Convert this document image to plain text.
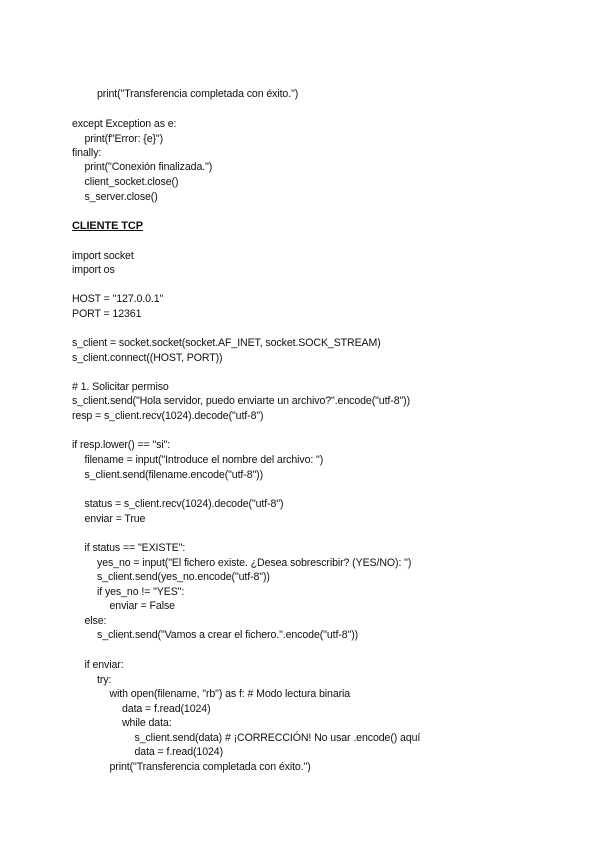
print("Transferencia completada con éxito.")
except Exception as e:
print(f"Error: {e}")
finally:
print("Conexión finalizada.")
client_socket.close()
s_server.close()
CLIENTE TCP
import socket
import os
HOST = "127.0.0.1"
PORT = 12361
s_client = socket.socket(socket.AF_INET, socket.SOCK_STREAM)
s_client.connect((HOST, PORT))
# 1. Solicitar permiso
s_client.send("Hola servidor, puedo enviarte un archivo?".encode("utf-8"))
resp = s_client.recv(1024).decode("utf-8")
if resp.lower() == "si":
filename = input("Introduce el nombre del archivo: ")
s_client.send(filename.encode("utf-8"))
status = s_client.recv(1024).decode("utf-8")
enviar = True
if status == "EXISTE":
yes_no = input("El fichero existe. ¿Desea sobrescribir? (YES/NO): ")
s_client.send(yes_no.encode("utf-8"))
if yes_no != "YES":
enviar = False
else:
s_client.send("Vamos a crear el fichero.".encode("utf-8"))
if enviar:
try:
with open(filename, "rb") as f: # Modo lectura binaria
data = f.read(1024)
while data:
s_client.send(data) # ¡CORRECCIÓN! No usar .encode() aquí
data = f.read(1024)
print("Transferencia completada con éxito.")
